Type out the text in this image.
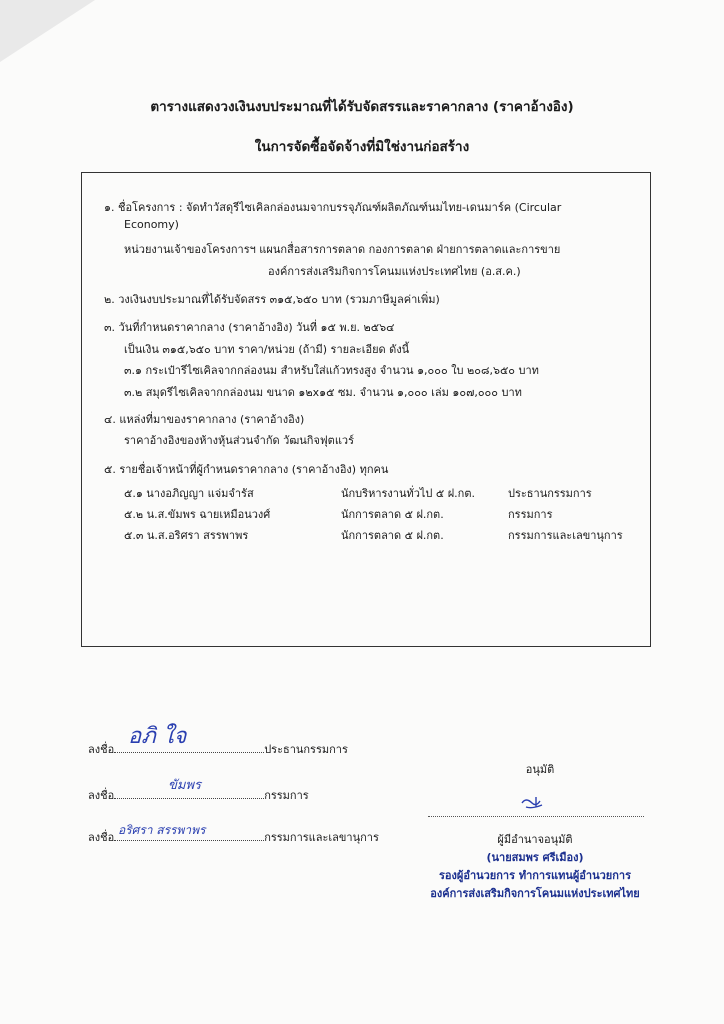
ตารางแสดงวงเงินงบประมาณที่ได้รับจัดสรรและราคากลาง (ราคาอ้างอิง)
ในการจัดซื้อจัดจ้างที่มิใช่งานก่อสร้าง
๑. ชื่อโครงการ : จัดทำวัสดุรีไซเคิลกล่องนมจากบรรจุภัณฑ์ผลิตภัณฑ์นมไทย-เดนมาร์ค (Circular
Economy)
หน่วยงานเจ้าของโครงการฯ แผนกสื่อสารการตลาด กองการตลาด ฝ่ายการตลาดและการขาย
องค์การส่งเสริมกิจการโคนมแห่งประเทศไทย (อ.ส.ค.)
๒. วงเงินงบประมาณที่ได้รับจัดสรร ๓๑๕,๖๕๐ บาท (รวมภาษีมูลค่าเพิ่ม)
๓. วันที่กำหนดราคากลาง (ราคาอ้างอิง) วันที่ ๑๕ พ.ย. ๒๕๖๔
เป็นเงิน ๓๑๕,๖๕๐ บาท ราคา/หน่วย (ถ้ามี) รายละเอียด ดังนี้
๓.๑ กระเป๋ารีไซเคิลจากกล่องนม สำหรับใส่แก้วทรงสูง จำนวน ๑,๐๐๐ ใบ ๒๐๘,๖๕๐ บาท
๓.๒ สมุดรีไซเคิลจากกล่องนม ขนาด ๑๒x๑๕ ซม. จำนวน ๑,๐๐๐ เล่ม ๑๐๗,๐๐๐ บาท
๔. แหล่งที่มาของราคากลาง (ราคาอ้างอิง)
ราคาอ้างอิงของห้างหุ้นส่วนจำกัด วัฒนกิจฟุตแวร์
๕. รายชื่อเจ้าหน้าที่ผู้กำหนดราคากลาง (ราคาอ้างอิง) ทุกคน
๕.๑ นางอภิญญา แจ่มจำรัส	นักบริหารงานทั่วไป ๕ ฝ.กต.	ประธานกรรมการ
๕.๒ น.ส.ขัมพร ฉายเหมือนวงศ์	นักการตลาด ๕ ฝ.กต.	กรรมการ
๕.๓ น.ส.อริศรา สรรพาพร	นักการตลาด ๕ ฝ.กต.	กรรมการและเลขานุการ
ลงชื่อ	ประธานกรรมการ
อภิ ใจ
ลงชื่อ	กรรมการ
ขัมพร
ลงชื่อ	กรรมการและเลขานุการ
อริศรา สรรพาพร
อนุมัติ
ผู้มีอำนาจอนุมัติ
(นายสมพร ศรีเมือง)
รองผู้อำนวยการ ทำการแทนผู้อำนวยการ
องค์การส่งเสริมกิจการโคนมแห่งประเทศไทย
